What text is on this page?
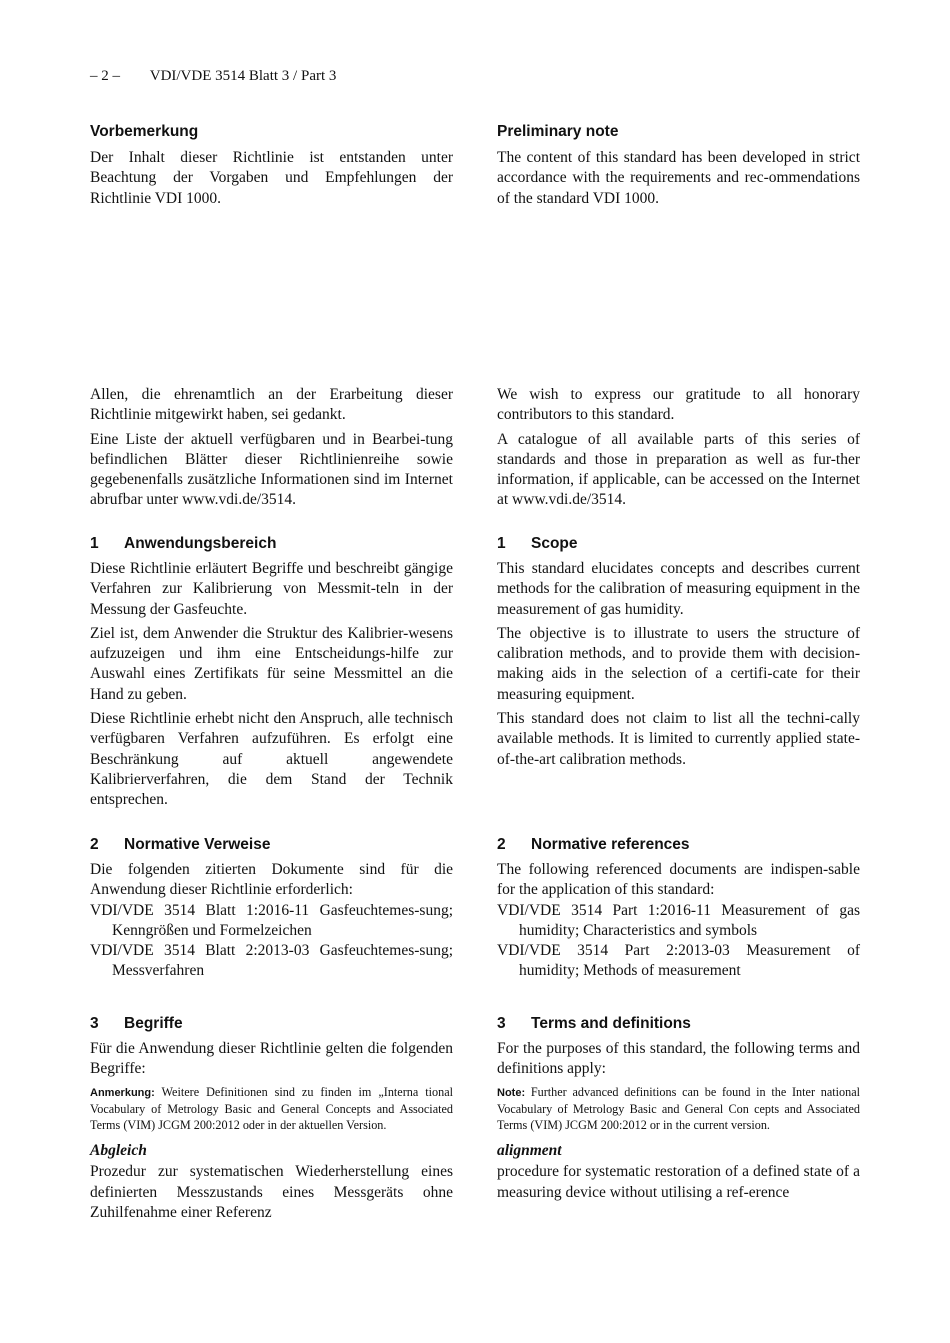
– 2 – VDI/VDE 3514 Blatt 3 / Part 3

Vorbemerkung

Der Inhalt dieser Richtlinie ist entstanden unter Beachtung der Vorgaben und Empfehlungen der Richtlinie VDI 1000.

Allen, die ehrenamtlich an der Erarbeitung dieser Richtlinie mitgewirkt haben, sei gedankt.

Eine Liste der aktuell verfügbaren und in Bearbei-tung befindlichen Blätter dieser Richtlinienreihe sowie gegebenenfalls zusätzliche Informationen sind im Internet abrufbar unter www.vdi.de/3514.

1 Anwendungsbereich

Diese Richtlinie erläutert Begriffe und beschreibt gängige Verfahren zur Kalibrierung von Messmit-teln in der Messung der Gasfeuchte.

Ziel ist, dem Anwender die Struktur des Kalibrier-wesens aufzuzeigen und ihm eine Entscheidungs-hilfe zur Auswahl eines Zertifikats für seine Messmittel an die Hand zu geben.

Diese Richtlinie erhebt nicht den Anspruch, alle technisch verfügbaren Verfahren aufzuführen. Es erfolgt eine Beschränkung auf aktuell angewendete Kalibrierverfahren, die dem Stand der Technik entsprechen.

2 Normative Verweise

Die folgenden zitierten Dokumente sind für die Anwendung dieser Richtlinie erforderlich:

VDI/VDE 3514 Blatt 1:2016-11 Gasfeuchtemes-sung; Kenngrößen und Formelzeichen

VDI/VDE 3514 Blatt 2:2013-03 Gasfeuchtemes-sung; Messverfahren

3 Begriffe

Für die Anwendung dieser Richtlinie gelten die folgenden Begriffe:

Anmerkung: Weitere Definitionen sind zu finden im „Interna tional Vocabulary of Metrology Basic and General Concepts and Associated Terms (VIM) JCGM 200:2012 oder in der aktuellen Version.

Abgleich

Prozedur zur systematischen Wiederherstellung eines definierten Messzustands eines Messgeräts ohne Zuhilfenahme einer Referenz

Preliminary note

The content of this standard has been developed in strict accordance with the requirements and rec-ommendations of the standard VDI 1000.

We wish to express our gratitude to all honorary contributors to this standard.

A catalogue of all available parts of this series of standards and those in preparation as well as fur-ther information, if applicable, can be accessed on the Internet at www.vdi.de/3514.

1 Scope

This standard elucidates concepts and describes current methods for the calibration of measuring equipment in the measurement of gas humidity.

The objective is to illustrate to users the structure of calibration methods, and to provide them with decision-making aids in the selection of a certifi-cate for their measuring equipment.

This standard does not claim to list all the techni-cally available methods. It is limited to currently applied state-of-the-art calibration methods.

2 Normative references

The following referenced documents are indispen-sable for the application of this standard:

VDI/VDE 3514 Part 1:2016-11 Measurement of gas humidity; Characteristics and symbols

VDI/VDE 3514 Part 2:2013-03 Measurement of humidity; Methods of measurement

3 Terms and definitions

For the purposes of this standard, the following terms and definitions apply:

Note: Further advanced definitions can be found in the Inter national Vocabulary of Metrology Basic and General Con cepts and Associated Terms (VIM) JCGM 200:2012 or in the current version.

alignment

procedure for systematic restoration of a defined state of a measuring device without utilising a ref-erence
